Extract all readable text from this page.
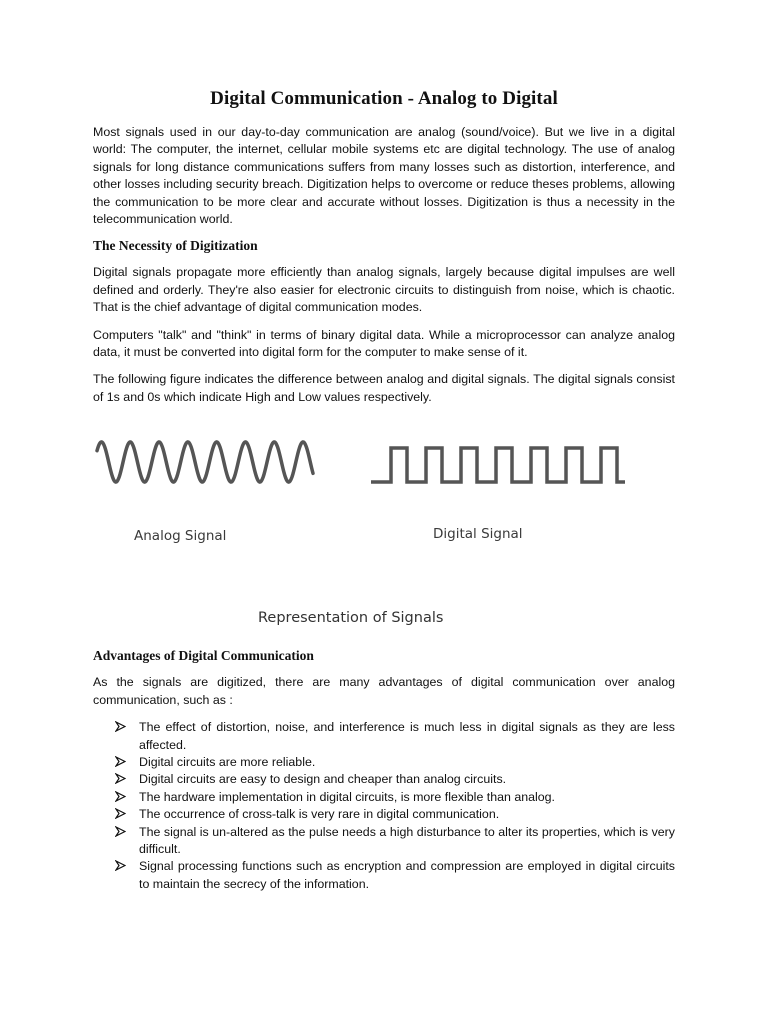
Digital Communication - Analog to Digital

Most signals used in our day-to-day communication are analog (sound/voice). But we live in a digital world: The computer, the internet, cellular mobile systems etc are digital technology. The use of analog signals for long distance communications suffers from many losses such as distortion, interference, and other losses including security breach. Digitization helps to overcome or reduce theses problems, allowing the communication to be more clear and accurate without losses. Digitization is thus a necessity in the telecommunication world.

The Necessity of Digitization

Digital signals propagate more efficiently than analog signals, largely because digital impulses are well defined and orderly. They're also easier for electronic circuits to distinguish from noise, which is chaotic. That is the chief advantage of digital communication modes.

Computers "talk" and "think" in terms of binary digital data. While a microprocessor can analyze analog data, it must be converted into digital form for the computer to make sense of it.

The following figure indicates the difference between analog and digital signals. The digital signals consist of 1s and 0s which indicate High and Low values respectively.

Analog Signal	Digital Signal
Representation of Signals
Advantages of Digital Communication

As the signals are digitized, there are many advantages of digital communication over analog communication, such as :

The effect of distortion, noise, and interference is much less in digital signals as they are less affected.
Digital circuits are more reliable.
Digital circuits are easy to design and cheaper than analog circuits.
The hardware implementation in digital circuits, is more flexible than analog.
The occurrence of cross-talk is very rare in digital communication.
The signal is un-altered as the pulse needs a high disturbance to alter its properties, which is very difficult.
Signal processing functions such as encryption and compression are employed in digital circuits to maintain the secrecy of the information.
